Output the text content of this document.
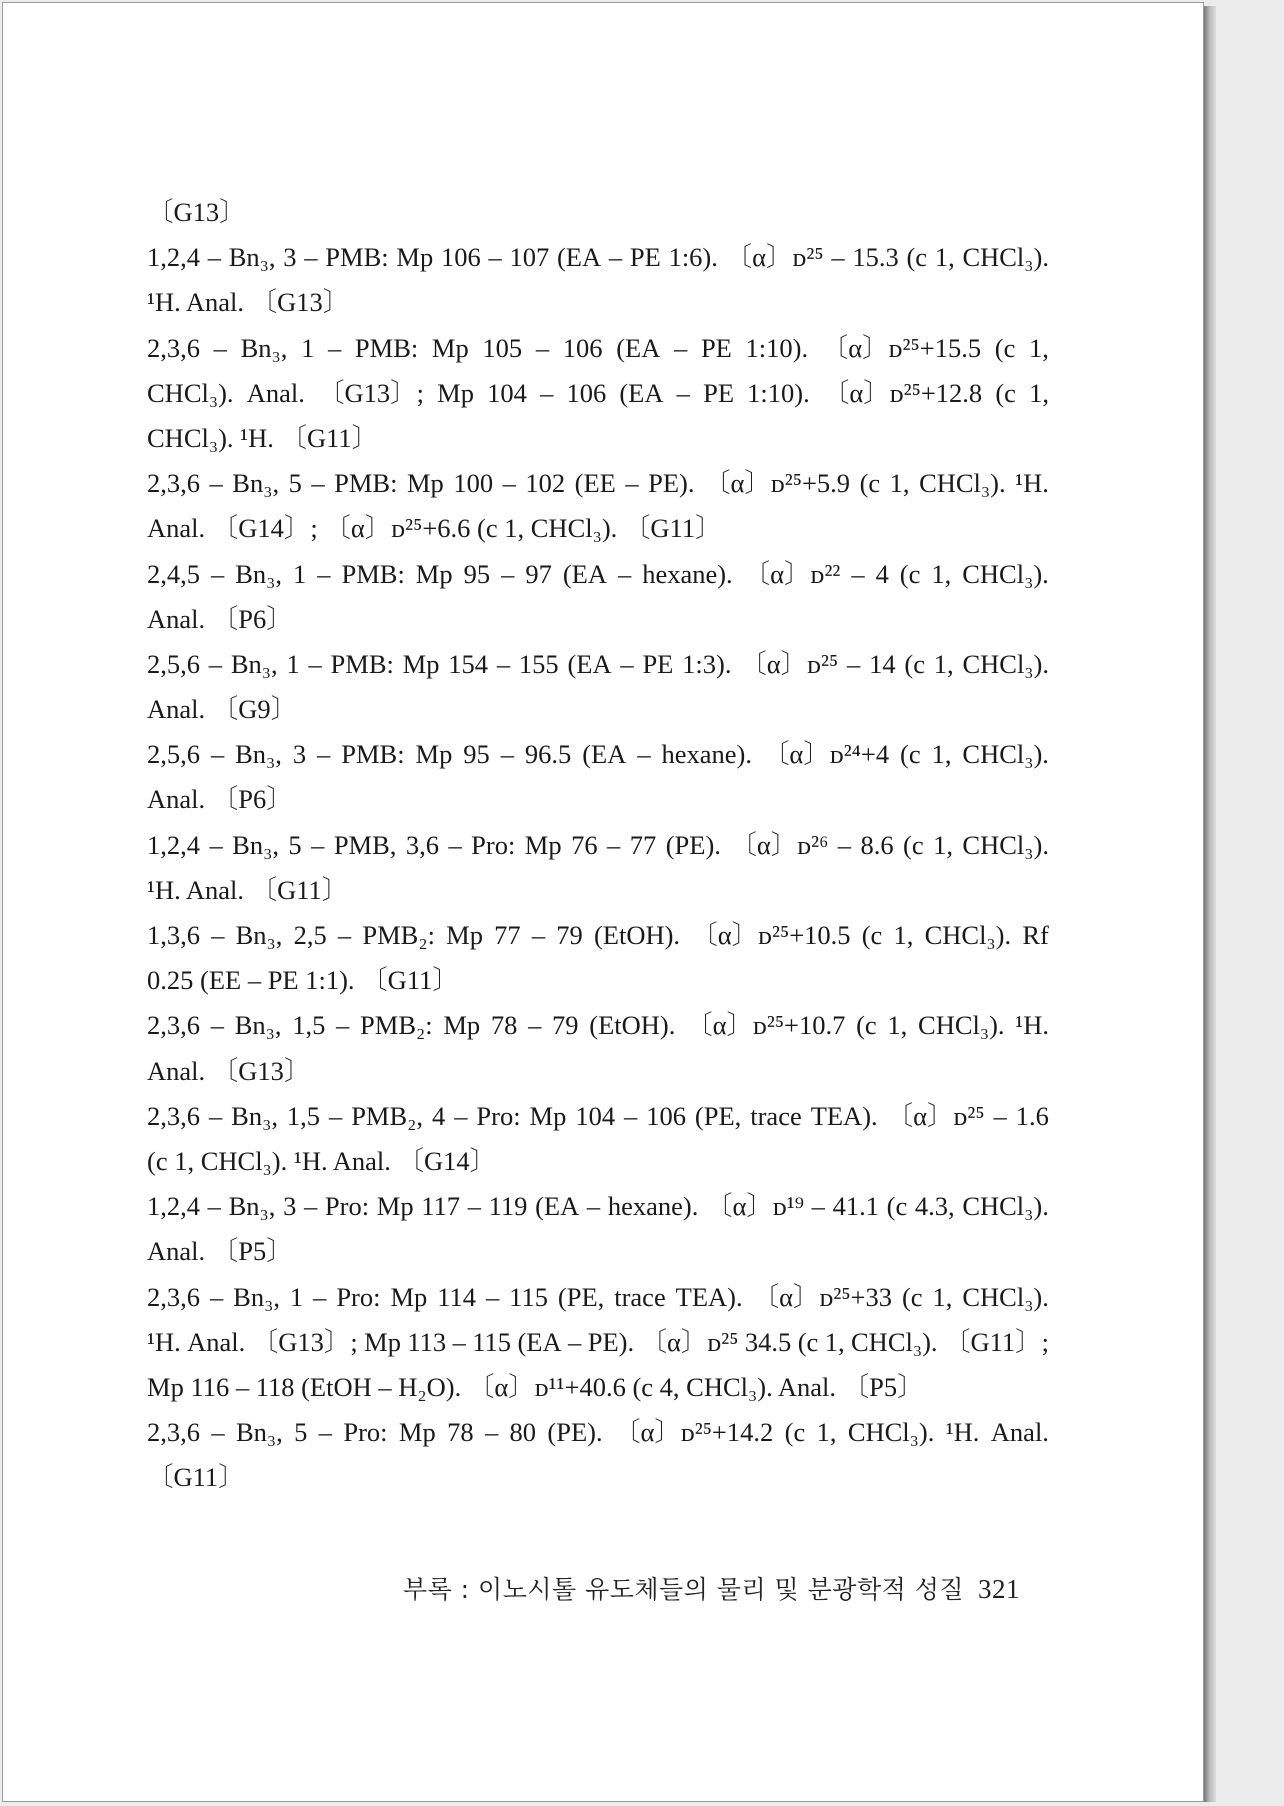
〔G13〕
1,2,4 – Bn₃, 3 – PMB: Mp 106 – 107 (EA – PE 1:6). 〔α〕ᴅ²⁵ – 15.3 (c 1, CHCl₃).
¹H. Anal. 〔G13〕
2,3,6 – Bn₃, 1 – PMB: Mp 105 – 106 (EA – PE 1:10). 〔α〕ᴅ²⁵+15.5 (c 1,
CHCl₃). Anal. 〔G13〕; Mp 104 – 106 (EA – PE 1:10). 〔α〕ᴅ²⁵+12.8 (c 1,
CHCl₃). ¹H. 〔G11〕
2,3,6 – Bn₃, 5 – PMB: Mp 100 – 102 (EE – PE). 〔α〕ᴅ²⁵+5.9 (c 1, CHCl₃). ¹H.
Anal. 〔G14〕; 〔α〕ᴅ²⁵+6.6 (c 1, CHCl₃). 〔G11〕
2,4,5 – Bn₃, 1 – PMB: Mp 95 – 97 (EA – hexane). 〔α〕ᴅ²² – 4 (c 1, CHCl₃).
Anal. 〔P6〕
2,5,6 – Bn₃, 1 – PMB: Mp 154 – 155 (EA – PE 1:3). 〔α〕ᴅ²⁵ – 14 (c 1, CHCl₃).
Anal. 〔G9〕
2,5,6 – Bn₃, 3 – PMB: Mp 95 – 96.5 (EA – hexane). 〔α〕ᴅ²⁴+4 (c 1, CHCl₃).
Anal. 〔P6〕
1,2,4 – Bn₃, 5 – PMB, 3,6 – Pro: Mp 76 – 77 (PE). 〔α〕ᴅ²⁶ – 8.6 (c 1, CHCl₃).
¹H. Anal. 〔G11〕
1,3,6 – Bn₃, 2,5 – PMB₂: Mp 77 – 79 (EtOH). 〔α〕ᴅ²⁵+10.5 (c 1, CHCl₃). Rf
0.25 (EE – PE 1:1). 〔G11〕
2,3,6 – Bn₃, 1,5 – PMB₂: Mp 78 – 79 (EtOH). 〔α〕ᴅ²⁵+10.7 (c 1, CHCl₃). ¹H.
Anal. 〔G13〕
2,3,6 – Bn₃, 1,5 – PMB₂, 4 – Pro: Mp 104 – 106 (PE, trace TEA). 〔α〕ᴅ²⁵ – 1.6
(c 1, CHCl₃). ¹H. Anal. 〔G14〕
1,2,4 – Bn₃, 3 – Pro: Mp 117 – 119 (EA – hexane). 〔α〕ᴅ¹⁹ – 41.1 (c 4.3, CHCl₃).
Anal. 〔P5〕
2,3,6 – Bn₃, 1 – Pro: Mp 114 – 115 (PE, trace TEA). 〔α〕ᴅ²⁵+33 (c 1, CHCl₃).
¹H. Anal. 〔G13〕; Mp 113 – 115 (EA – PE). 〔α〕ᴅ²⁵ 34.5 (c 1, CHCl₃). 〔G11〕;
Mp 116 – 118 (EtOH – H₂O). 〔α〕ᴅ¹¹+40.6 (c 4, CHCl₃). Anal. 〔P5〕
2,3,6 – Bn₃, 5 – Pro: Mp 78 – 80 (PE). 〔α〕ᴅ²⁵+14.2 (c 1, CHCl₃). ¹H. Anal.
〔G11〕
부록 : 이노시톨 유도체들의 물리 및 분광학적 성질 321
